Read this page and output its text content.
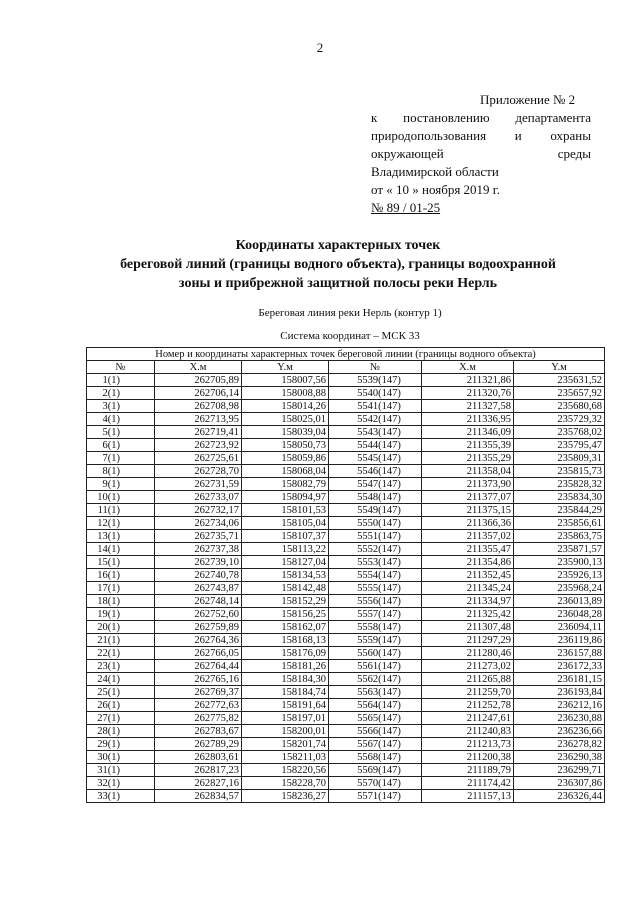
2
Приложение № 2
к постановлению департамента
природопользования и охраны
окружающей	среды
Владимирской области
от « 10 » ноября 2019 г.
№ 89 / 01-25
Координаты характерных точек
береговой линий (границы водного объекта), границы водоохранной
зоны и прибрежной защитной полосы реки Нерль
Береговая линия реки Нерль (контур 1)
Система координат – МСК 33
Номер и координаты характерных точек береговой линии (границы водного объекта)					
№	X.м	Y.м	№	X.м	Y.м
1(1)	262705,89	158007,56	5539(147)	211321,86	235631,52
2(1)	262706,14	158008,88	5540(147)	211320,76	235657,92
3(1)	262708,98	158014,26	5541(147)	211327,58	235680,68
4(1)	262713,95	158025,01	5542(147)	211336,95	235729,32
5(1)	262719,41	158039,04	5543(147)	211346,09	235768,02
6(1)	262723,92	158050,73	5544(147)	211355,39	235795,47
7(1)	262725,61	158059,86	5545(147)	211355,29	235809,31
8(1)	262728,70	158068,04	5546(147)	211358,04	235815,73
9(1)	262731,59	158082,79	5547(147)	211373,90	235828,32
10(1)	262733,07	158094,97	5548(147)	211377,07	235834,30
11(1)	262732,17	158101,53	5549(147)	211375,15	235844,29
12(1)	262734,06	158105,04	5550(147)	211366,36	235856,61
13(1)	262735,71	158107,37	5551(147)	211357,02	235863,75
14(1)	262737,38	158113,22	5552(147)	211355,47	235871,57
15(1)	262739,10	158127,04	5553(147)	211354,86	235900,13
16(1)	262740,78	158134,53	5554(147)	211352,45	235926,13
17(1)	262743,87	158142,48	5555(147)	211345,24	235968,24
18(1)	262748,14	158152,29	5556(147)	211334,97	236013,89
19(1)	262752,60	158156,25	5557(147)	211325,42	236048,28
20(1)	262759,89	158162,07	5558(147)	211307,48	236094,11
21(1)	262764,36	158168,13	5559(147)	211297,29	236119,86
22(1)	262766,05	158176,09	5560(147)	211280,46	236157,88
23(1)	262764,44	158181,26	5561(147)	211273,02	236172,33
24(1)	262765,16	158184,30	5562(147)	211265,88	236181,15
25(1)	262769,37	158184,74	5563(147)	211259,70	236193,84
26(1)	262772,63	158191,64	5564(147)	211252,78	236212,16
27(1)	262775,82	158197,01	5565(147)	211247,61	236230,88
28(1)	262783,67	158200,01	5566(147)	211240,83	236236,66
29(1)	262789,29	158201,74	5567(147)	211213,73	236278,82
30(1)	262803,61	158211,03	5568(147)	211200,38	236290,38
31(1)	262817,23	158220,56	5569(147)	211189,79	236299,71
32(1)	262827,16	158228,70	5570(147)	211174,42	236307,86
33(1)	262834,57	158236,27	5571(147)	211157,13	236326,44
